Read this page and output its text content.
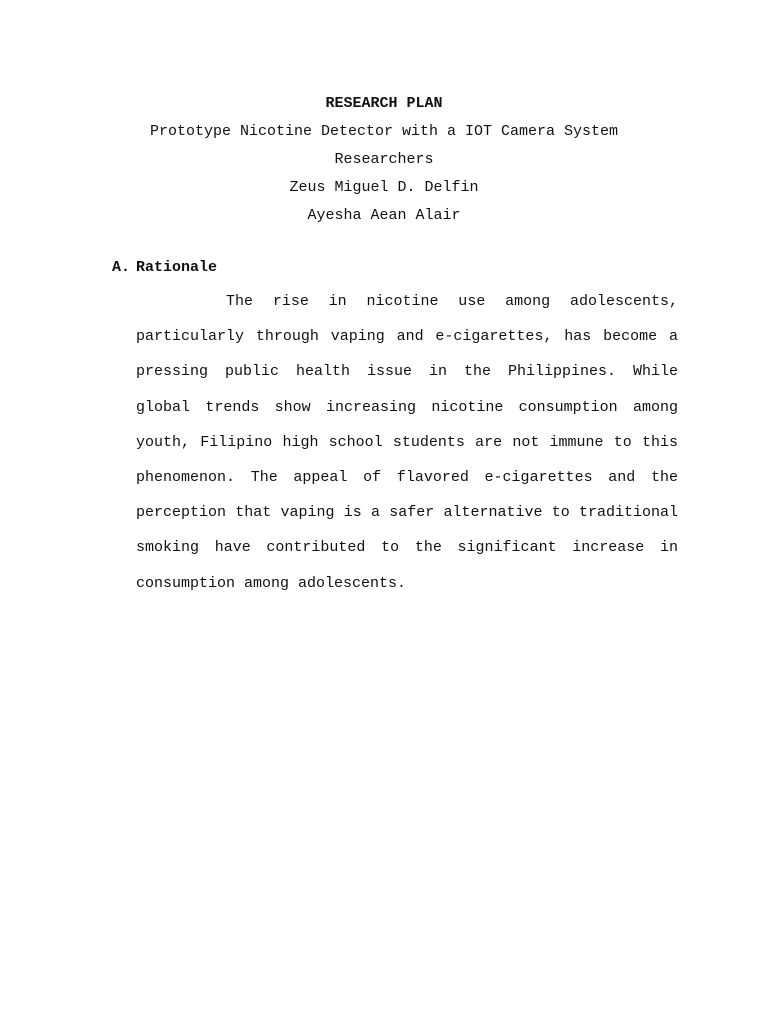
RESEARCH PLAN
Prototype Nicotine Detector with a IOT Camera System
Researchers
Zeus Miguel D. Delfin
Ayesha Aean Alair
A. Rationale
The rise in nicotine use among adolescents, particularly through vaping and e-cigarettes, has become a pressing public health issue in the Philippines. While global trends show increasing nicotine consumption among youth, Filipino high school students are not immune to this phenomenon. The appeal of flavored e-cigarettes and the perception that vaping is a safer alternative to traditional smoking have contributed to the significant increase in consumption among adolescents.
